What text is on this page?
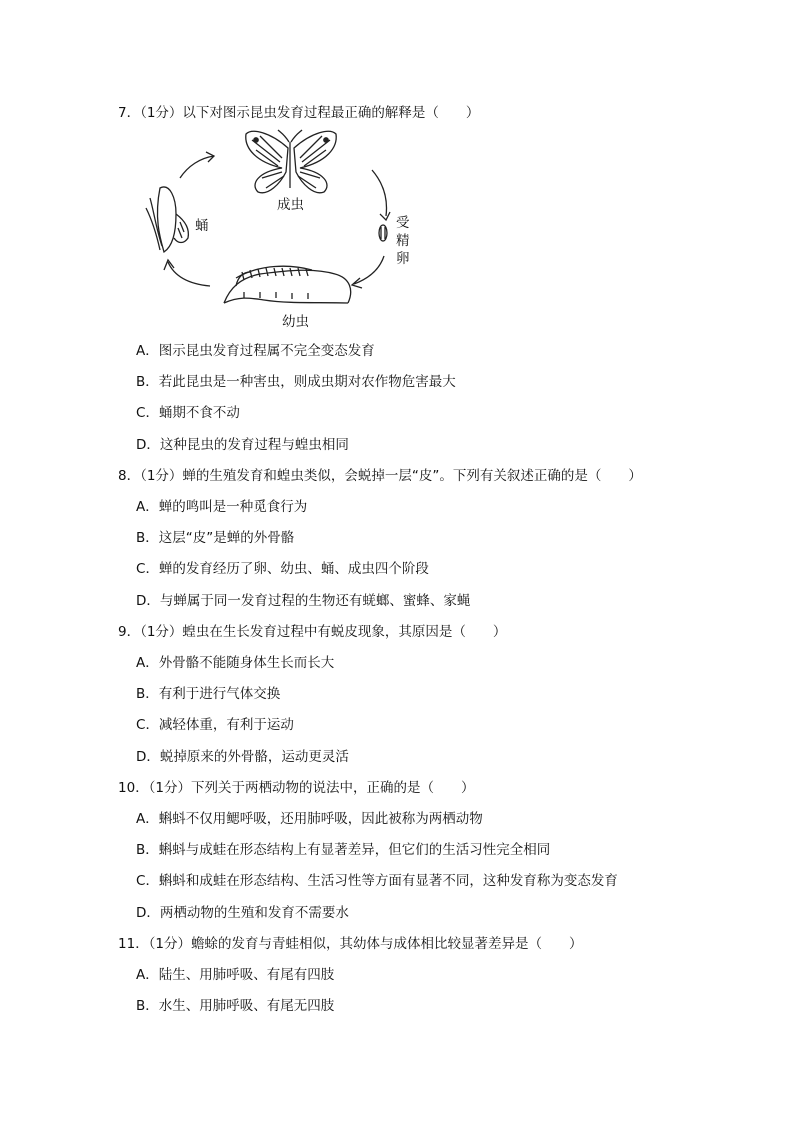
7．（1分）以下对图示昆虫发育过程最正确的解释是（　　）
成虫
受精卵
幼虫
蛹
A．图示昆虫发育过程属不完全变态发育
B．若此昆虫是一种害虫，则成虫期对农作物危害最大
C．蛹期不食不动
D．这种昆虫的发育过程与蝗虫相同
8．（1分）蝉的生殖发育和蝗虫类似，会蜕掉一层“皮”。下列有关叙述正确的是（　　）
A．蝉的鸣叫是一种觅食行为
B．这层“皮”是蝉的外骨骼
C．蝉的发育经历了卵、幼虫、蛹、成虫四个阶段
D．与蝉属于同一发育过程的生物还有蜣螂、蜜蜂、家蝇
9．（1分）蝗虫在生长发育过程中有蜕皮现象，其原因是（　　）
A．外骨骼不能随身体生长而长大
B．有利于进行气体交换
C．减轻体重，有利于运动
D．蜕掉原来的外骨骼，运动更灵活
10．（1分）下列关于两栖动物的说法中，正确的是（　　）
A．蝌蚪不仅用鳃呼吸，还用肺呼吸，因此被称为两栖动物
B．蝌蚪与成蛙在形态结构上有显著差异，但它们的生活习性完全相同
C．蝌蚪和成蛙在形态结构、生活习性等方面有显著不同，这种发育称为变态发育
D．两栖动物的生殖和发育不需要水
11．（1分）蟾蜍的发育与青蛙相似，其幼体与成体相比较显著差异是（　　）
A．陆生、用肺呼吸、有尾有四肢
B．水生、用肺呼吸、有尾无四肢
